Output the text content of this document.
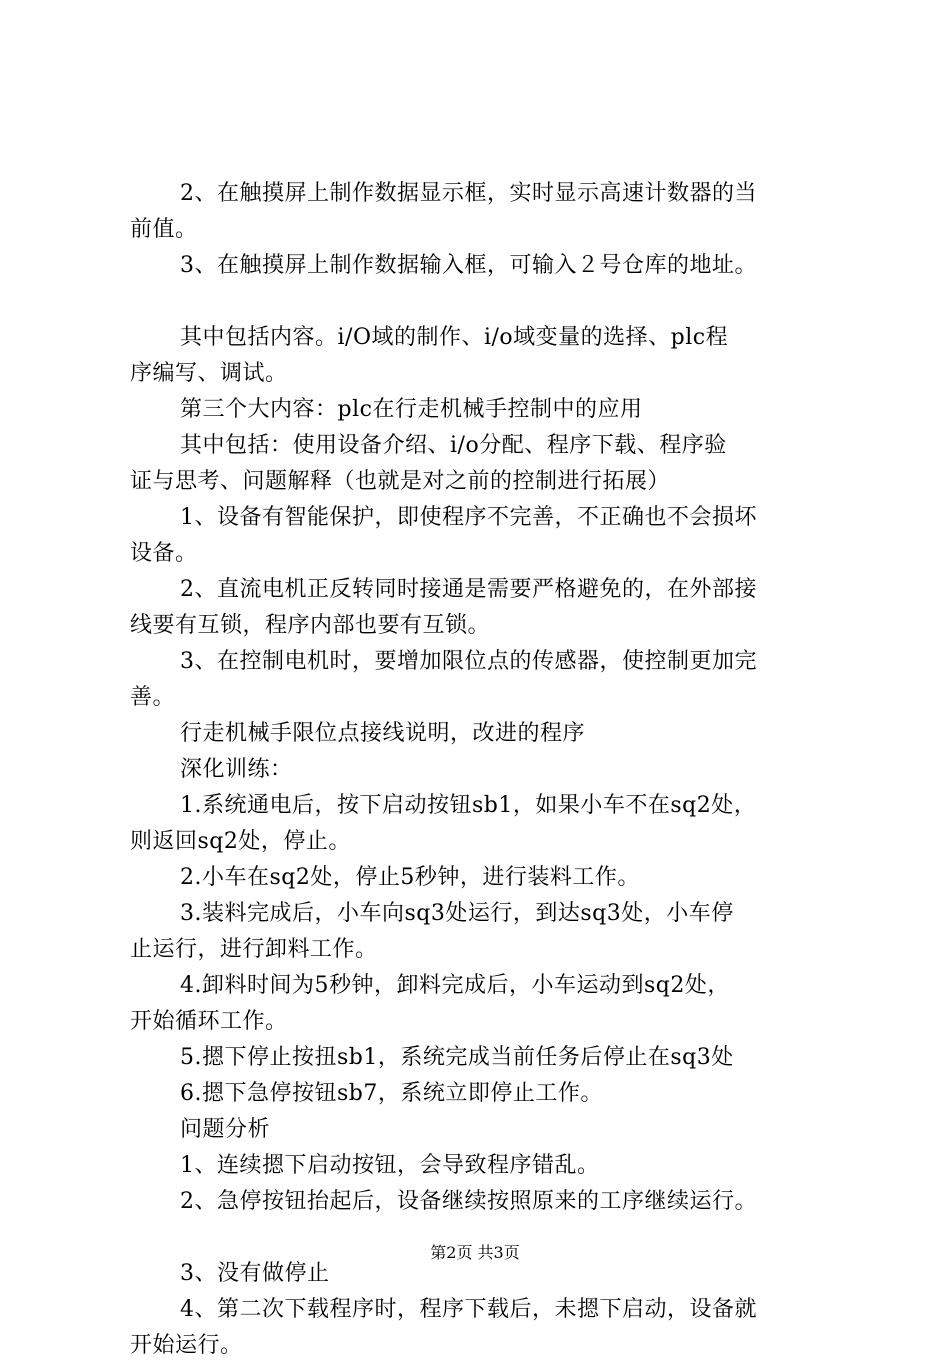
2、在触摸屏上制作数据显示框，实时显示高速计数器的当
前值。
3、在触摸屏上制作数据输入框，可输入２号仓库的地址。
其中包括内容。i/O域的制作、i/o域变量的选择、plc程
序编写、调试。
第三个大内容：plc在行走机械手控制中的应用
其中包括：使用设备介绍、i/o分配、程序下载、程序验
证与思考、问题解释（也就是对之前的控制进行拓展）
1、设备有智能保护，即使程序不完善，不正确也不会损坏
设备。
2、直流电机正反转同时接通是需要严格避免的，在外部接
线要有互锁，程序内部也要有互锁。
3、在控制电机时，要增加限位点的传感器，使控制更加完
善。
行走机械手限位点接线说明，改进的程序
深化训练：
1.系统通电后，按下启动按钮sb1，如果小车不在sq2处，
则返回sq2处，停止。
2.小车在sq2处，停止5秒钟，进行装料工作。
3.装料完成后，小车向sq3处运行，到达sq3处，小车停
止运行，进行卸料工作。
4.卸料时间为5秒钟，卸料完成后，小车运动到sq2处，
开始循环工作。
5.摁下停止按扭sb1，系统完成当前任务后停止在sq3处
6.摁下急停按钮sb7，系统立即停止工作。
问题分析
1、连续摁下启动按钮，会导致程序错乱。
2、急停按钮抬起后，设备继续按照原来的工序继续运行。
3、没有做停止
4、第二次下载程序时，程序下载后，未摁下启动，设备就
开始运行。
第2页 共3页
